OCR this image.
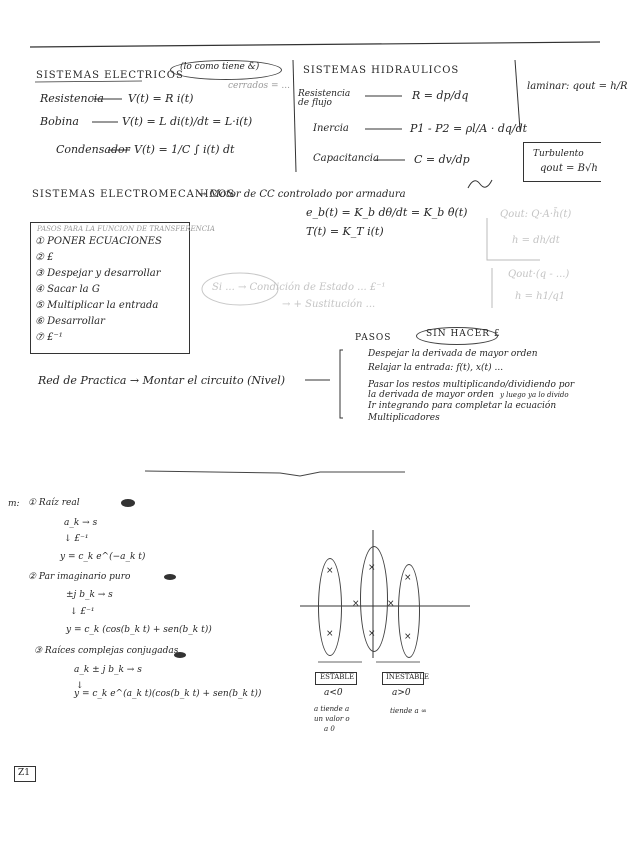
SISTEMAS ELECTRICOS
(lo como tiene &)
cerrados = ...
Resistencia V(t) = R i(t)
Bobina	V(t) = L di(t)/dt = L·i(t)
Condensador V(t) = 1/C ∫ i(t) dt
SISTEMAS HIDRAULICOS
Resistencia de flujo
R = dp/dq
Inercia	P1 - P2 = ρl/A · dq/dt
Capacitancia	C = dv/dp
laminar: qout = h/R
Turbulento
qout = B√h
Qout: Q·A·h̄(t)
h = dh/dt
Qout·(q - ...)
h = h1/q1
SISTEMAS ELECTROMECANICOS
→ Motor de CC controlado por armadura
e_b(t) = K_b dθ/dt = K_b θ̇(t)
T(t) = K_T i(t)
PASOS PARA LA FUNCION DE TRANSFERENCIA
① PONER ECUACIONES
② £
③ Despejar y desarrollar
④ Sacar la G
⑤ Multiplicar la entrada
⑥ Desarrollar
⑦ £⁻¹
Si ... → Condición de Estado ... £⁻¹
→ + Sustitución ...
Red de Practica → Montar el circuito (Nivel)
PASOS	SIN HACER £
Despejar la derivada de mayor orden
Relajar la entrada: f(t), x(t) ...
Pasar los restos multiplicando/dividiendo por la derivada de mayor orden
Ir integrando para completar la ecuación
Multiplicadores
y luego ya lo divido
m: ① Raíz real
a_k → s
↓ £⁻¹
y = c_k e^(−a_k t)
② Par imaginario puro
±j b_k → s
↓ £⁻¹
y = c_k (cos(b_k t) + sen(b_k t))
③ Raíces complejas conjugadas
a_k ± j b_k → s
↓
y = c_k e^(a_k t)(cos(b_k t) + sen(b_k t))
×
×
×
×
×
×
×	×
ESTABLE
a<0
a tiende a
un valor o
a 0
INESTABLE
a>0
tiende a ∞
Z1
